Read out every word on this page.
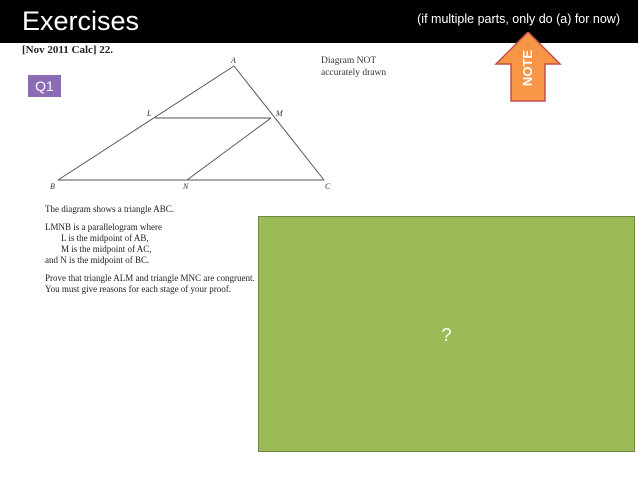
Exercises	(if multiple parts, only do (a) for now)
NOTE
[Nov 2011 Calc] 22.
Q1
Diagram NOT
accurately drawn
A
B	C
L	M
N

The diagram shows a triangle ABC.

LMNB is a parallelogram where
L is the midpoint of AB,
M is the midpoint of AC,
and N is the midpoint of BC.

Prove that triangle ALM and triangle MNC are congruent.
You must give reasons for each stage of your proof.

?
